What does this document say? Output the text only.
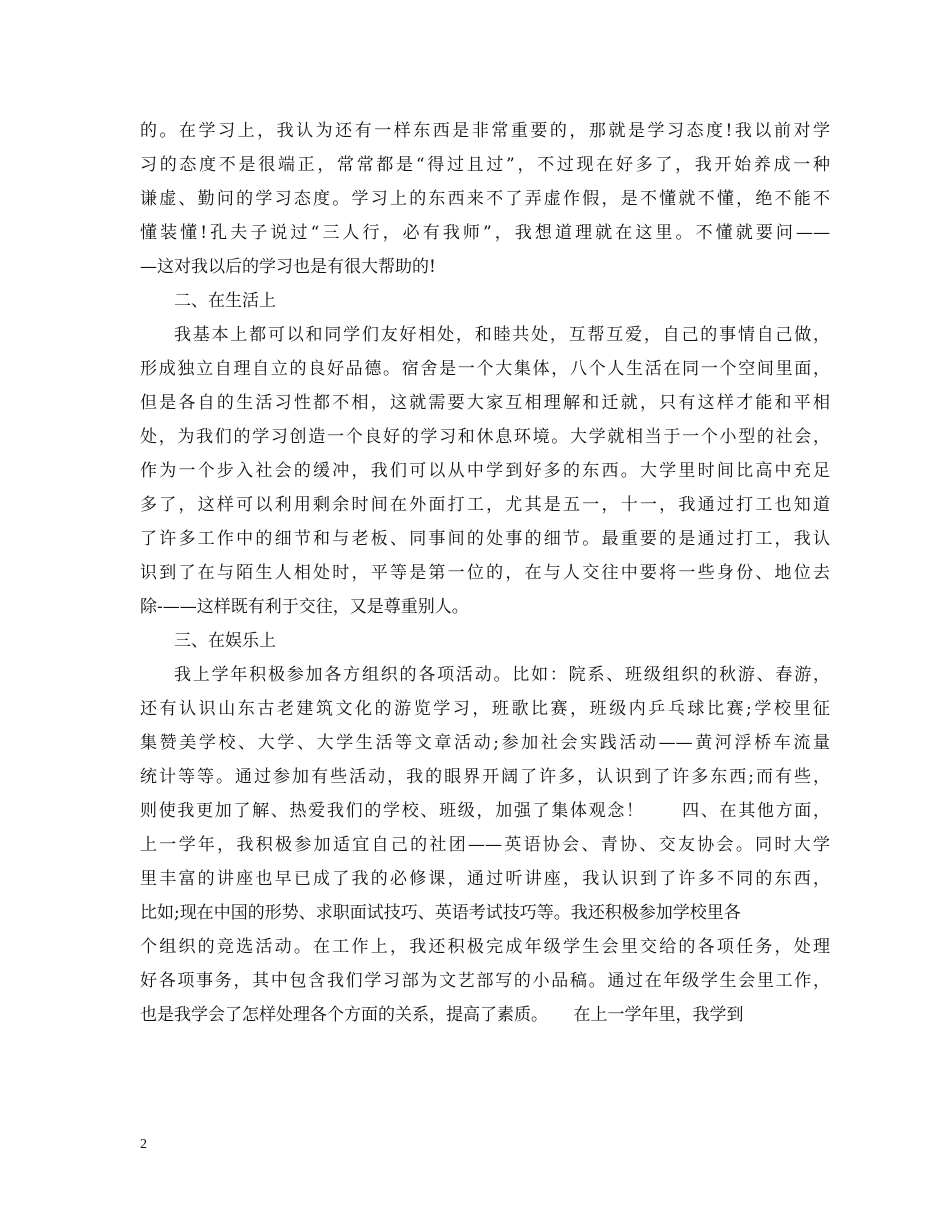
的。在学习上，我认为还有一样东西是非常重要的，那就是学习态度!我以前对学
习的态度不是很端正，常常都是“得过且过”，不过现在好多了，我开始养成一种
谦虚、勤问的学习态度。学习上的东西来不了弄虚作假，是不懂就不懂，绝不能不
懂装懂!孔夫子说过“三人行，必有我师”，我想道理就在这里。不懂就要问——
—这对我以后的学习也是有很大帮助的!
二、在生活上
我基本上都可以和同学们友好相处，和睦共处，互帮互爱，自己的事情自己做，
形成独立自理自立的良好品德。宿舍是一个大集体，八个人生活在同一个空间里面，
但是各自的生活习性都不相，这就需要大家互相理解和迁就，只有这样才能和平相
处，为我们的学习创造一个良好的学习和休息环境。大学就相当于一个小型的社会，
作为一个步入社会的缓冲，我们可以从中学到好多的东西。大学里时间比高中充足
多了，这样可以利用剩余时间在外面打工，尤其是五一，十一，我通过打工也知道
了许多工作中的细节和与老板、同事间的处事的细节。最重要的是通过打工，我认
识到了在与陌生人相处时，平等是第一位的，在与人交往中要将一些身份、地位去
除-——这样既有利于交往，又是尊重别人。
三、在娱乐上
我上学年积极参加各方组织的各项活动。比如：院系、班级组织的秋游、春游，
还有认识山东古老建筑文化的游览学习，班歌比赛，班级内乒乓球比赛;学校里征
集赞美学校、大学、大学生活等文章活动;参加社会实践活动——黄河浮桥车流量
统计等等。通过参加有些活动，我的眼界开阔了许多，认识到了许多东西;而有些，
则使我更加了解、热爱我们的学校、班级，加强了集体观念！　　四、在其他方面，
上一学年，我积极参加适宜自己的社团——英语协会、青协、交友协会。同时大学
里丰富的讲座也早已成了我的必修课，通过听讲座，我认识到了许多不同的东西，
比如;现在中国的形势、求职面试技巧、英语考试技巧等。我还积极参加学校里各
个组织的竞选活动。在工作上，我还积极完成年级学生会里交给的各项任务，处理
好各项事务，其中包含我们学习部为文艺部写的小品稿。通过在年级学生会里工作，
也是我学会了怎样处理各个方面的关系，提高了素质。　　在上一学年里，我学到
2
